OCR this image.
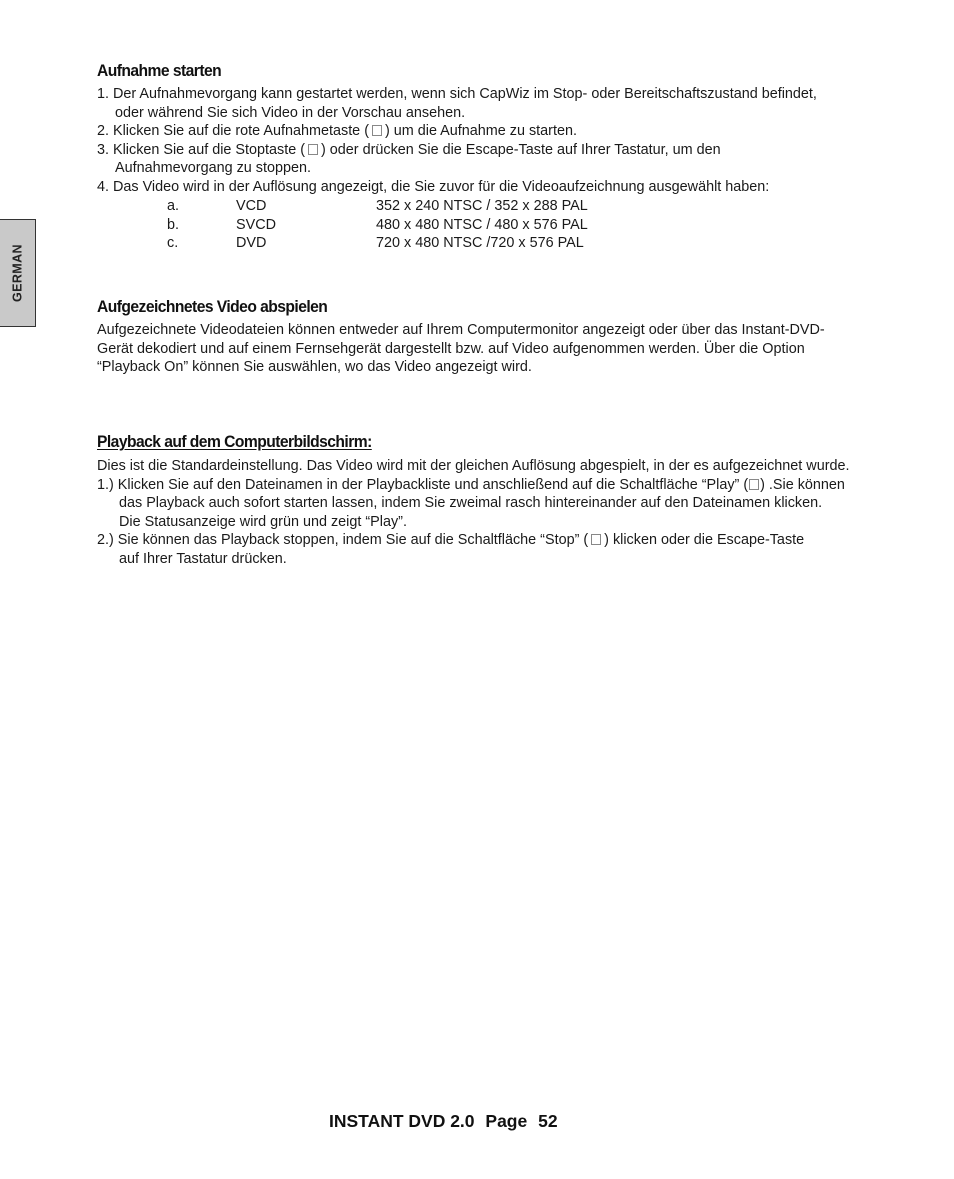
GERMAN
Aufnahme starten
1. Der Aufnahmevorgang kann gestartet werden, wenn sich CapWiz im Stop- oder Bereitschaftszustand befindet,
oder während Sie sich Video in der Vorschau ansehen.
2. Klicken Sie auf die rote Aufnahmetaste ( ) um die Aufnahme zu starten.
3. Klicken Sie auf die Stoptaste ( ) oder drücken Sie die Escape-Taste auf Ihrer Tastatur, um den
Aufnahmevorgang zu stoppen.
4. Das Video wird in der Auflösung angezeigt, die Sie zuvor für die Videoaufzeichnung ausgewählt haben:
a.	VCD	352 x 240 NTSC / 352 x 288 PAL
b.	SVCD	480 x 480 NTSC / 480 x 576 PAL
c.	DVD	720 x 480 NTSC /720 x 576 PAL
Aufgezeichnetes Video abspielen
Aufgezeichnete Videodateien können entweder auf Ihrem Computermonitor angezeigt oder über das Instant-DVD-
Gerät dekodiert und auf einem Fernsehgerät dargestellt bzw. auf Video aufgenommen werden. Über die Option
“Playback On” können Sie auswählen, wo das Video angezeigt wird.
Playback auf dem Computerbildschirm:
Dies ist die Standardeinstellung. Das Video wird mit der gleichen Auflösung abgespielt, in der es aufgezeichnet wurde.
1.) Klicken Sie auf den Dateinamen in der Playbackliste und anschließend auf die Schaltfläche “Play” ( ) .Sie können
das Playback auch sofort starten lassen, indem Sie zweimal rasch hintereinander auf den Dateinamen klicken.
Die Statusanzeige wird grün und zeigt “Play”.
2.) Sie können das Playback stoppen, indem Sie auf die Schaltfläche “Stop” ( ) klicken oder die Escape-Taste
auf Ihrer Tastatur drücken.
INSTANT DVD 2.0 Page 52
